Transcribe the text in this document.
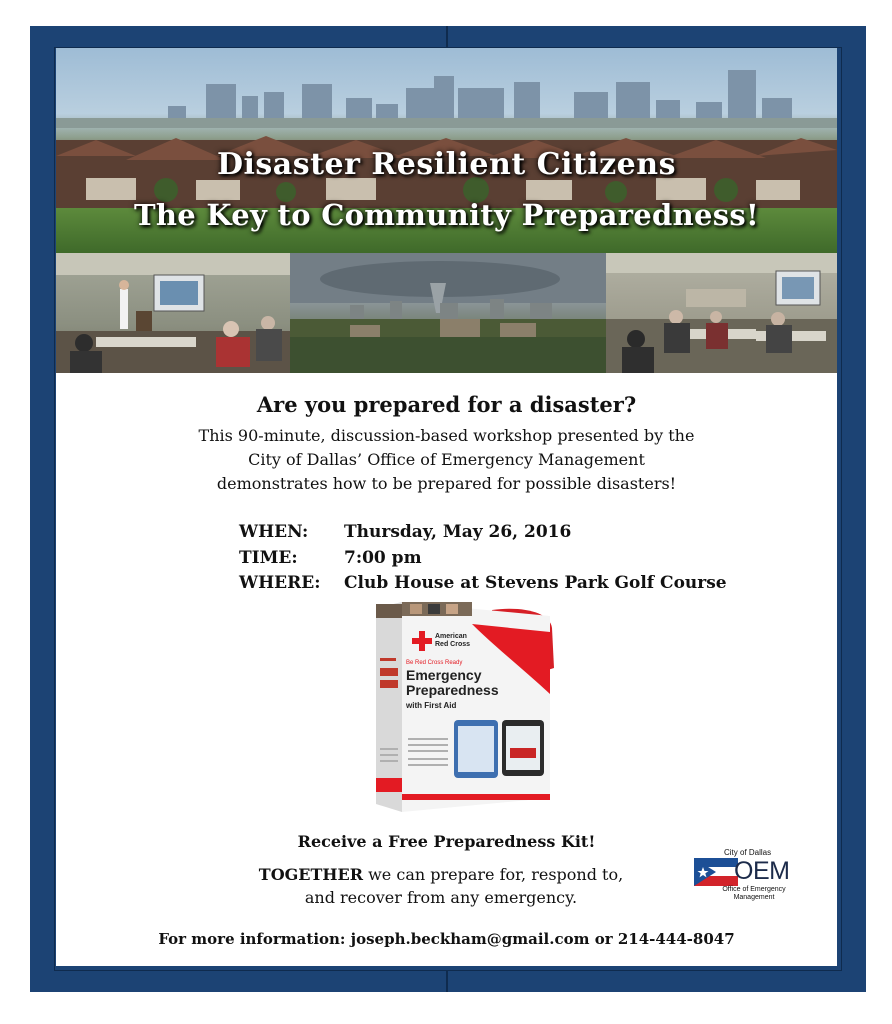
Disaster Resilient Citizens
The Key to Community Preparedness!
Are you prepared for a disaster?
This 90-minute, discussion-based workshop presented by the
City of Dallas’ Office of Emergency Management
demonstrates how to be prepared for possible disasters!
WHEN: Thursday, May 26, 2016
TIME:	7:00 pm
WHERE: Club House at Stevens Park Golf Course
American
Red Cross
Be Red Cross Ready
Emergency
Preparedness
with First Aid
Receive a Free Preparedness Kit!
TOGETHER we can prepare for, respond to,
and recover from any emergency.
City of Dallas
OEM
Office of Emergency
Management
For more information: joseph.beckham@gmail.com or 214-444-8047
